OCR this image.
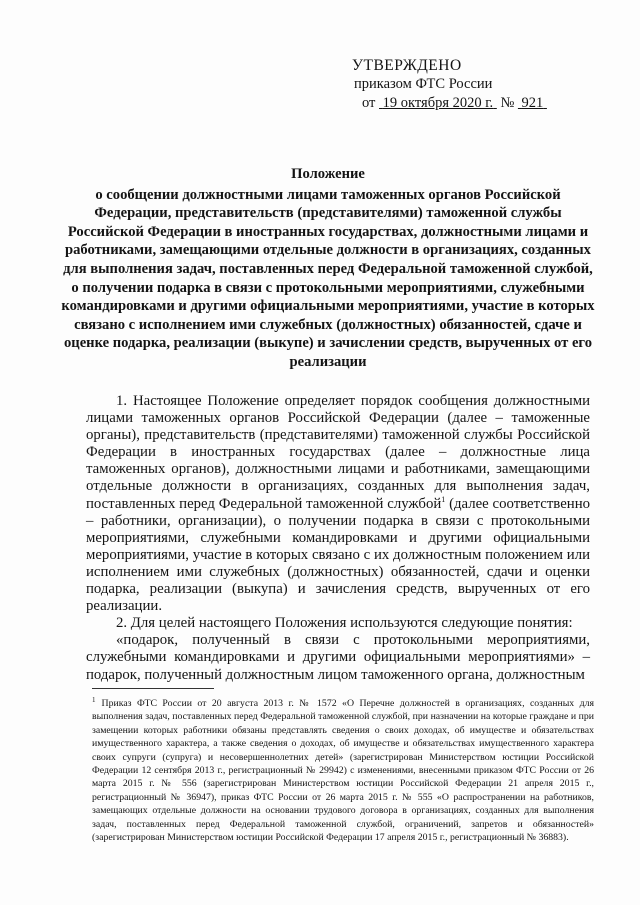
УТВЕРЖДЕНО
приказом ФТС России
от 19 октября 2020 г. № 921
Положение
о сообщении должностными лицами таможенных органов Российской Федерации, представительств (представителями) таможенной службы Российской Федерации в иностранных государствах, должностными лицами и работниками, замещающими отдельные должности в организациях, созданных для выполнения задач, поставленных перед Федеральной таможенной службой, о получении подарка в связи с протокольными мероприятиями, служебными командировками и другими официальными мероприятиями, участие в которых связано с исполнением ими служебных (должностных) обязанностей, сдаче и оценке подарка, реализации (выкупе) и зачислении средств, вырученных от его реализации

1. Настоящее Положение определяет порядок сообщения должностными лицами таможенных органов Российской Федерации (далее – таможенные органы), представительств (представителями) таможенной службы Российской Федерации в иностранных государствах (далее – должностные лица таможенных органов), должностными лицами и работниками, замещающими отдельные должности в организациях, созданных для выполнения задач, поставленных перед Федеральной таможенной службой$^1$ (далее соответственно – работники, организации), о получении подарка в связи с протокольными мероприятиями, служебными командировками и другими официальными мероприятиями, участие в которых связано с их должностным положением или исполнением ими служебных (должностных) обязанностей, сдачи и оценки подарка, реализации (выкупа) и зачисления средств, вырученных от его реализации.

2. Для целей настоящего Положения используются следующие понятия:

«подарок, полученный в связи с протокольными мероприятиями, служебными командировками и другими официальными мероприятиями» – подарок, полученный должностным лицом таможенного органа, должностным

$^1$ Приказ ФТС России от 20 августа 2013 г. № 1572 «О Перечне должностей в организациях, созданных для выполнения задач, поставленных перед Федеральной таможенной службой, при назначении на которые граждане и при замещении которых работники обязаны представлять сведения о своих доходах, об имуществе и обязательствах имущественного характера, а также сведения о доходах, об имуществе и обязательствах имущественного характера своих супруги (супруга) и несовершеннолетних детей» (зарегистрирован Министерством юстиции Российской Федерации 12 сентября 2013 г., регистрационный № 29942) с изменениями, внесенными приказом ФТС России от 26 марта 2015 г. № 556 (зарегистрирован Министерством юстиции Российской Федерации 21 апреля 2015 г., регистрационный № 36947), приказ ФТС России от 26 марта 2015 г. № 555 «О распространении на работников, замещающих отдельные должности на основании трудового договора в организациях, созданных для выполнения задач, поставленных перед Федеральной таможенной службой, ограничений, запретов и обязанностей» (зарегистрирован Министерством юстиции Российской Федерации 17 апреля 2015 г., регистрационный № 36883).
